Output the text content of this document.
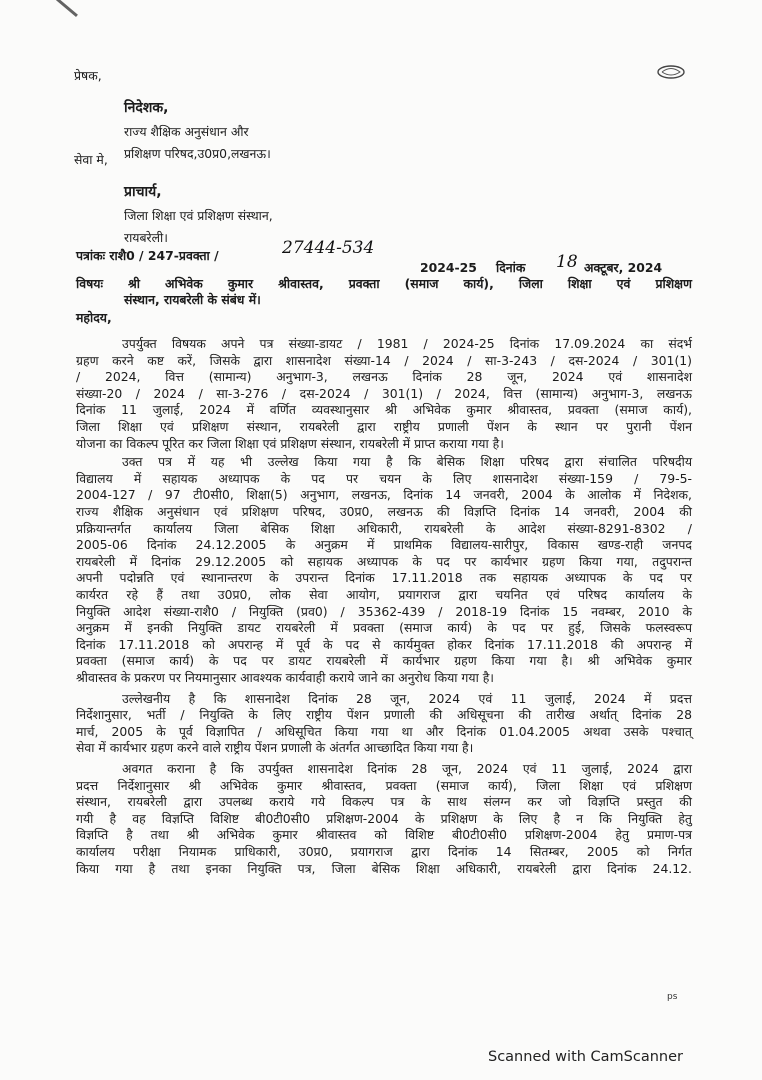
प्रेषक,
निदेशक,
राज्य शैक्षिक अनुसंधान और
प्रशिक्षण परिषद,उ0प्र0,लखनऊ।
सेवा मे,
प्राचार्य,
जिला शिक्षा एवं प्रशिक्षण संस्थान,
रायबरेली।
पत्रांकः राशै0 / 247-प्रवक्ता /	27444-534
2024-25 दिनांक 18 अक्टूबर, 2024
विषयः श्री अभिवेक कुमार श्रीवास्तव, प्रवक्ता (समाज कार्य), जिला शिक्षा एवं प्रशिक्षण
संस्थान, रायबरेली के संबंध में।
महोदय,
उपर्युक्त विषयक अपने पत्र संख्या-डायट / 1981 / 2024-25 दिनांक 17.09.2024 का संदर्भ
ग्रहण करने कष्ट करें, जिसके द्वारा शासनादेश संख्या-14 / 2024 / सा-3-243 / दस-2024 / 301(1)
/ 2024, वित्त (सामान्य) अनुभाग-3, लखनऊ दिनांक 28 जून, 2024 एवं शासनादेश
संख्या-20 / 2024 / सा-3-276 / दस-2024 / 301(1) / 2024, वित्त (सामान्य) अनुभाग-3, लखनऊ
दिनांक 11 जुलाई, 2024 में वर्णित व्यवस्थानुसार श्री अभिवेक कुमार श्रीवास्तव, प्रवक्ता (समाज कार्य),
जिला शिक्षा एवं प्रशिक्षण संस्थान, रायबरेली द्वारा राष्ट्रीय प्रणाली पेंशन के स्थान पर पुरानी पेंशन
योजना का विकल्प पूरित कर जिला शिक्षा एवं प्रशिक्षण संस्थान, रायबरेली में प्राप्त कराया गया है।
उक्त पत्र में यह भी उल्लेख किया गया है कि बेसिक शिक्षा परिषद द्वारा संचालित परिषदीय
विद्यालय में सहायक अध्यापक के पद पर चयन के लिए शासनादेश संख्या-159 / 79-5-
2004-127 / 97 टी0सी0, शिक्षा(5) अनुभाग, लखनऊ, दिनांक 14 जनवरी, 2004 के आलोक में निदेशक,
राज्य शैक्षिक अनुसंधान एवं प्रशिक्षण परिषद, उ0प्र0, लखनऊ की विज्ञप्ति दिनांक 14 जनवरी, 2004 की
प्रक्रियान्तर्गत कार्यालय जिला बेसिक शिक्षा अधिकारी, रायबरेली के आदेश संख्या-8291-8302 /
2005-06 दिनांक 24.12.2005 के अनुक्रम में प्राथमिक विद्यालय-सारीपुर, विकास खण्ड-राही जनपद
रायबरेली में दिनांक 29.12.2005 को सहायक अध्यापक के पद पर कार्यभार ग्रहण किया गया, तदुपरान्त
अपनी पदोन्नति एवं स्थानान्तरण के उपरान्त दिनांक 17.11.2018 तक सहायक अध्यापक के पद पर
कार्यरत रहे हैं तथा उ0प्र0, लोक सेवा आयोग, प्रयागराज द्वारा चयनित एवं परिषद कार्यालय के
नियुक्ति आदेश संख्या-राशै0 / नियुक्ति (प्रव0) / 35362-439 / 2018-19 दिनांक 15 नवम्बर, 2010 के
अनुक्रम में इनकी नियुक्ति डायट रायबरेली में प्रवक्ता (समाज कार्य) के पद पर हुई, जिसके फलस्वरूप
दिनांक 17.11.2018 को अपरान्ह में पूर्व के पद से कार्यमुक्त होकर दिनांक 17.11.2018 की अपरान्ह में
प्रवक्ता (समाज कार्य) के पद पर डायट रायबरेली में कार्यभार ग्रहण किया गया है। श्री अभिवेक कुमार
श्रीवास्तव के प्रकरण पर नियमानुसार आवश्यक कार्यवाही कराये जाने का अनुरोध किया गया है।
उल्लेखनीय है कि शासनादेश दिनांक 28 जून, 2024 एवं 11 जुलाई, 2024 में प्रदत्त
निर्देशानुसार, भर्ती / नियुक्ति के लिए राष्ट्रीय पेंशन प्रणाली की अधिसूचना की तारीख अर्थात् दिनांक 28
मार्च, 2005 के पूर्व विज्ञापित / अधिसूचित किया गया था और दिनांक 01.04.2005 अथवा उसके पश्चात्
सेवा में कार्यभार ग्रहण करने वाले राष्ट्रीय पेंशन प्रणाली के अंतर्गत आच्छादित किया गया है।
अवगत कराना है कि उपर्युक्त शासनादेश दिनांक 28 जून, 2024 एवं 11 जुलाई, 2024 द्वारा
प्रदत्त निर्देशानुसार श्री अभिवेक कुमार श्रीवास्तव, प्रवक्ता (समाज कार्य), जिला शिक्षा एवं प्रशिक्षण
संस्थान, रायबरेली द्वारा उपलब्ध कराये गये विकल्प पत्र के साथ संलग्न कर जो विज्ञप्ति प्रस्तुत की
गयी है वह विज्ञप्ति विशिष्ट बी0टी0सी0 प्रशिक्षण-2004 के प्रशिक्षण के लिए है न कि नियुक्ति हेतु
विज्ञप्ति है तथा श्री अभिवेक कुमार श्रीवास्तव को विशिष्ट बी0टी0सी0 प्रशिक्षण-2004 हेतु प्रमाण-पत्र
कार्यालय परीक्षा नियामक प्राधिकारी, उ0प्र0, प्रयागराज द्वारा दिनांक 14 सितम्बर, 2005 को निर्गत
किया गया है तथा इनका नियुक्ति पत्र, जिला बेसिक शिक्षा अधिकारी, रायबरेली द्वारा दिनांक 24.12.
ps
Scanned with CamScanner
